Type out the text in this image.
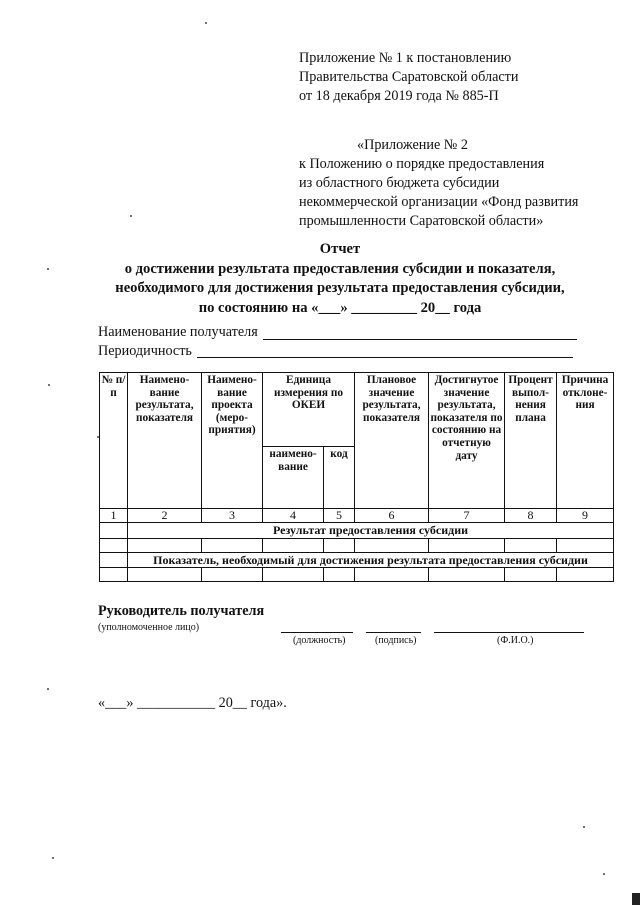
Приложение № 1 к постановлению
Правительства Саратовской области
от 18 декабря 2019 года № 885-П
«Приложение № 2
к Положению о порядке предоставления
из областного бюджета субсидии
некоммерческой организации «Фонд развития
промышленности Саратовской области»
Отчет
о достижении результата предоставления субсидии и показателя,
необходимого для достижения результата предоставления субсидии,
по состоянию на «___» _________ 20__ года
Наименование получателя
Периодичность
№ п/п	Наимено-вание результата, показателя	Наимено-вание проекта (меро-приятия)	Единица измерения по ОКЕИ		Плановое значение результата, показателя	Достигнутое значение результата, показателя по состоянию на отчетную дату	Процент выпол-нения плана	Причина отклоне-ния
			наимено-вание	код				
1	2	3	4	5	6	7	8	9
	Результат предоставления субсидии							

	Показатель, необходимый для достижения результата предоставления субсидии							

Руководитель получателя
(уполномоченное лицо)
(должность)	(подпись)	(Ф.И.О.)
«___» ___________ 20__ года».
